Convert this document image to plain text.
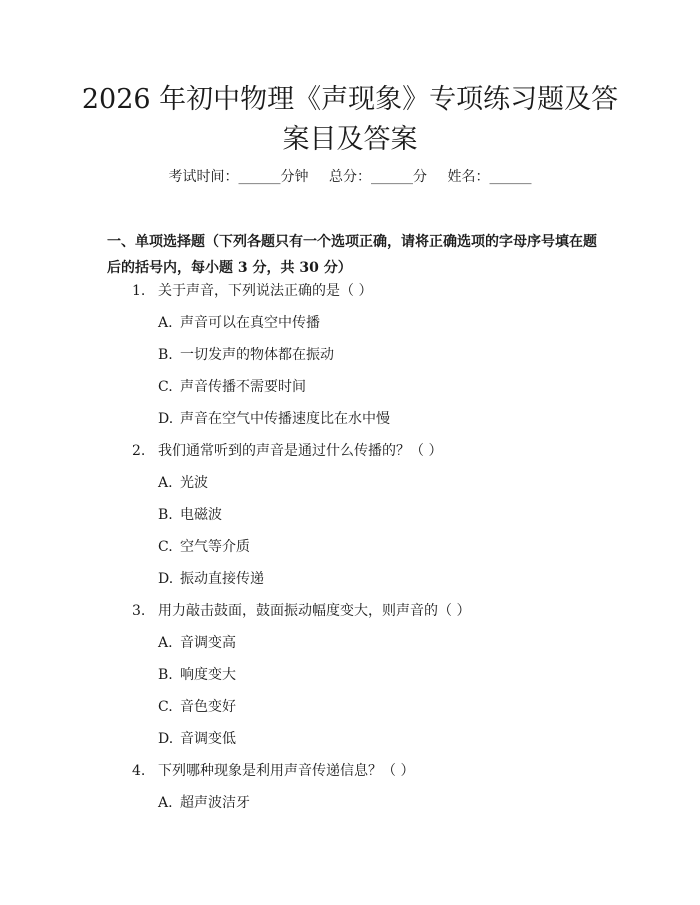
2026 年初中物理《声现象》专项练习题及答
案目及答案
考试时间：______分钟 总分：______分 姓名：______
一、单项选择题（下列各题只有一个选项正确，请将正确选项的字母序号填在题
后的括号内，每小题 3 分，共 30 分）
1. 关于声音，下列说法正确的是（ ）
A. 声音可以在真空中传播
B. 一切发声的物体都在振动
C. 声音传播不需要时间
D. 声音在空气中传播速度比在水中慢
2. 我们通常听到的声音是通过什么传播的？（ ）
A. 光波
B. 电磁波
C. 空气等介质
D. 振动直接传递
3. 用力敲击鼓面，鼓面振动幅度变大，则声音的（ ）
A. 音调变高
B. 响度变大
C. 音色变好
D. 音调变低
4. 下列哪种现象是利用声音传递信息？（ ）
A. 超声波洁牙
